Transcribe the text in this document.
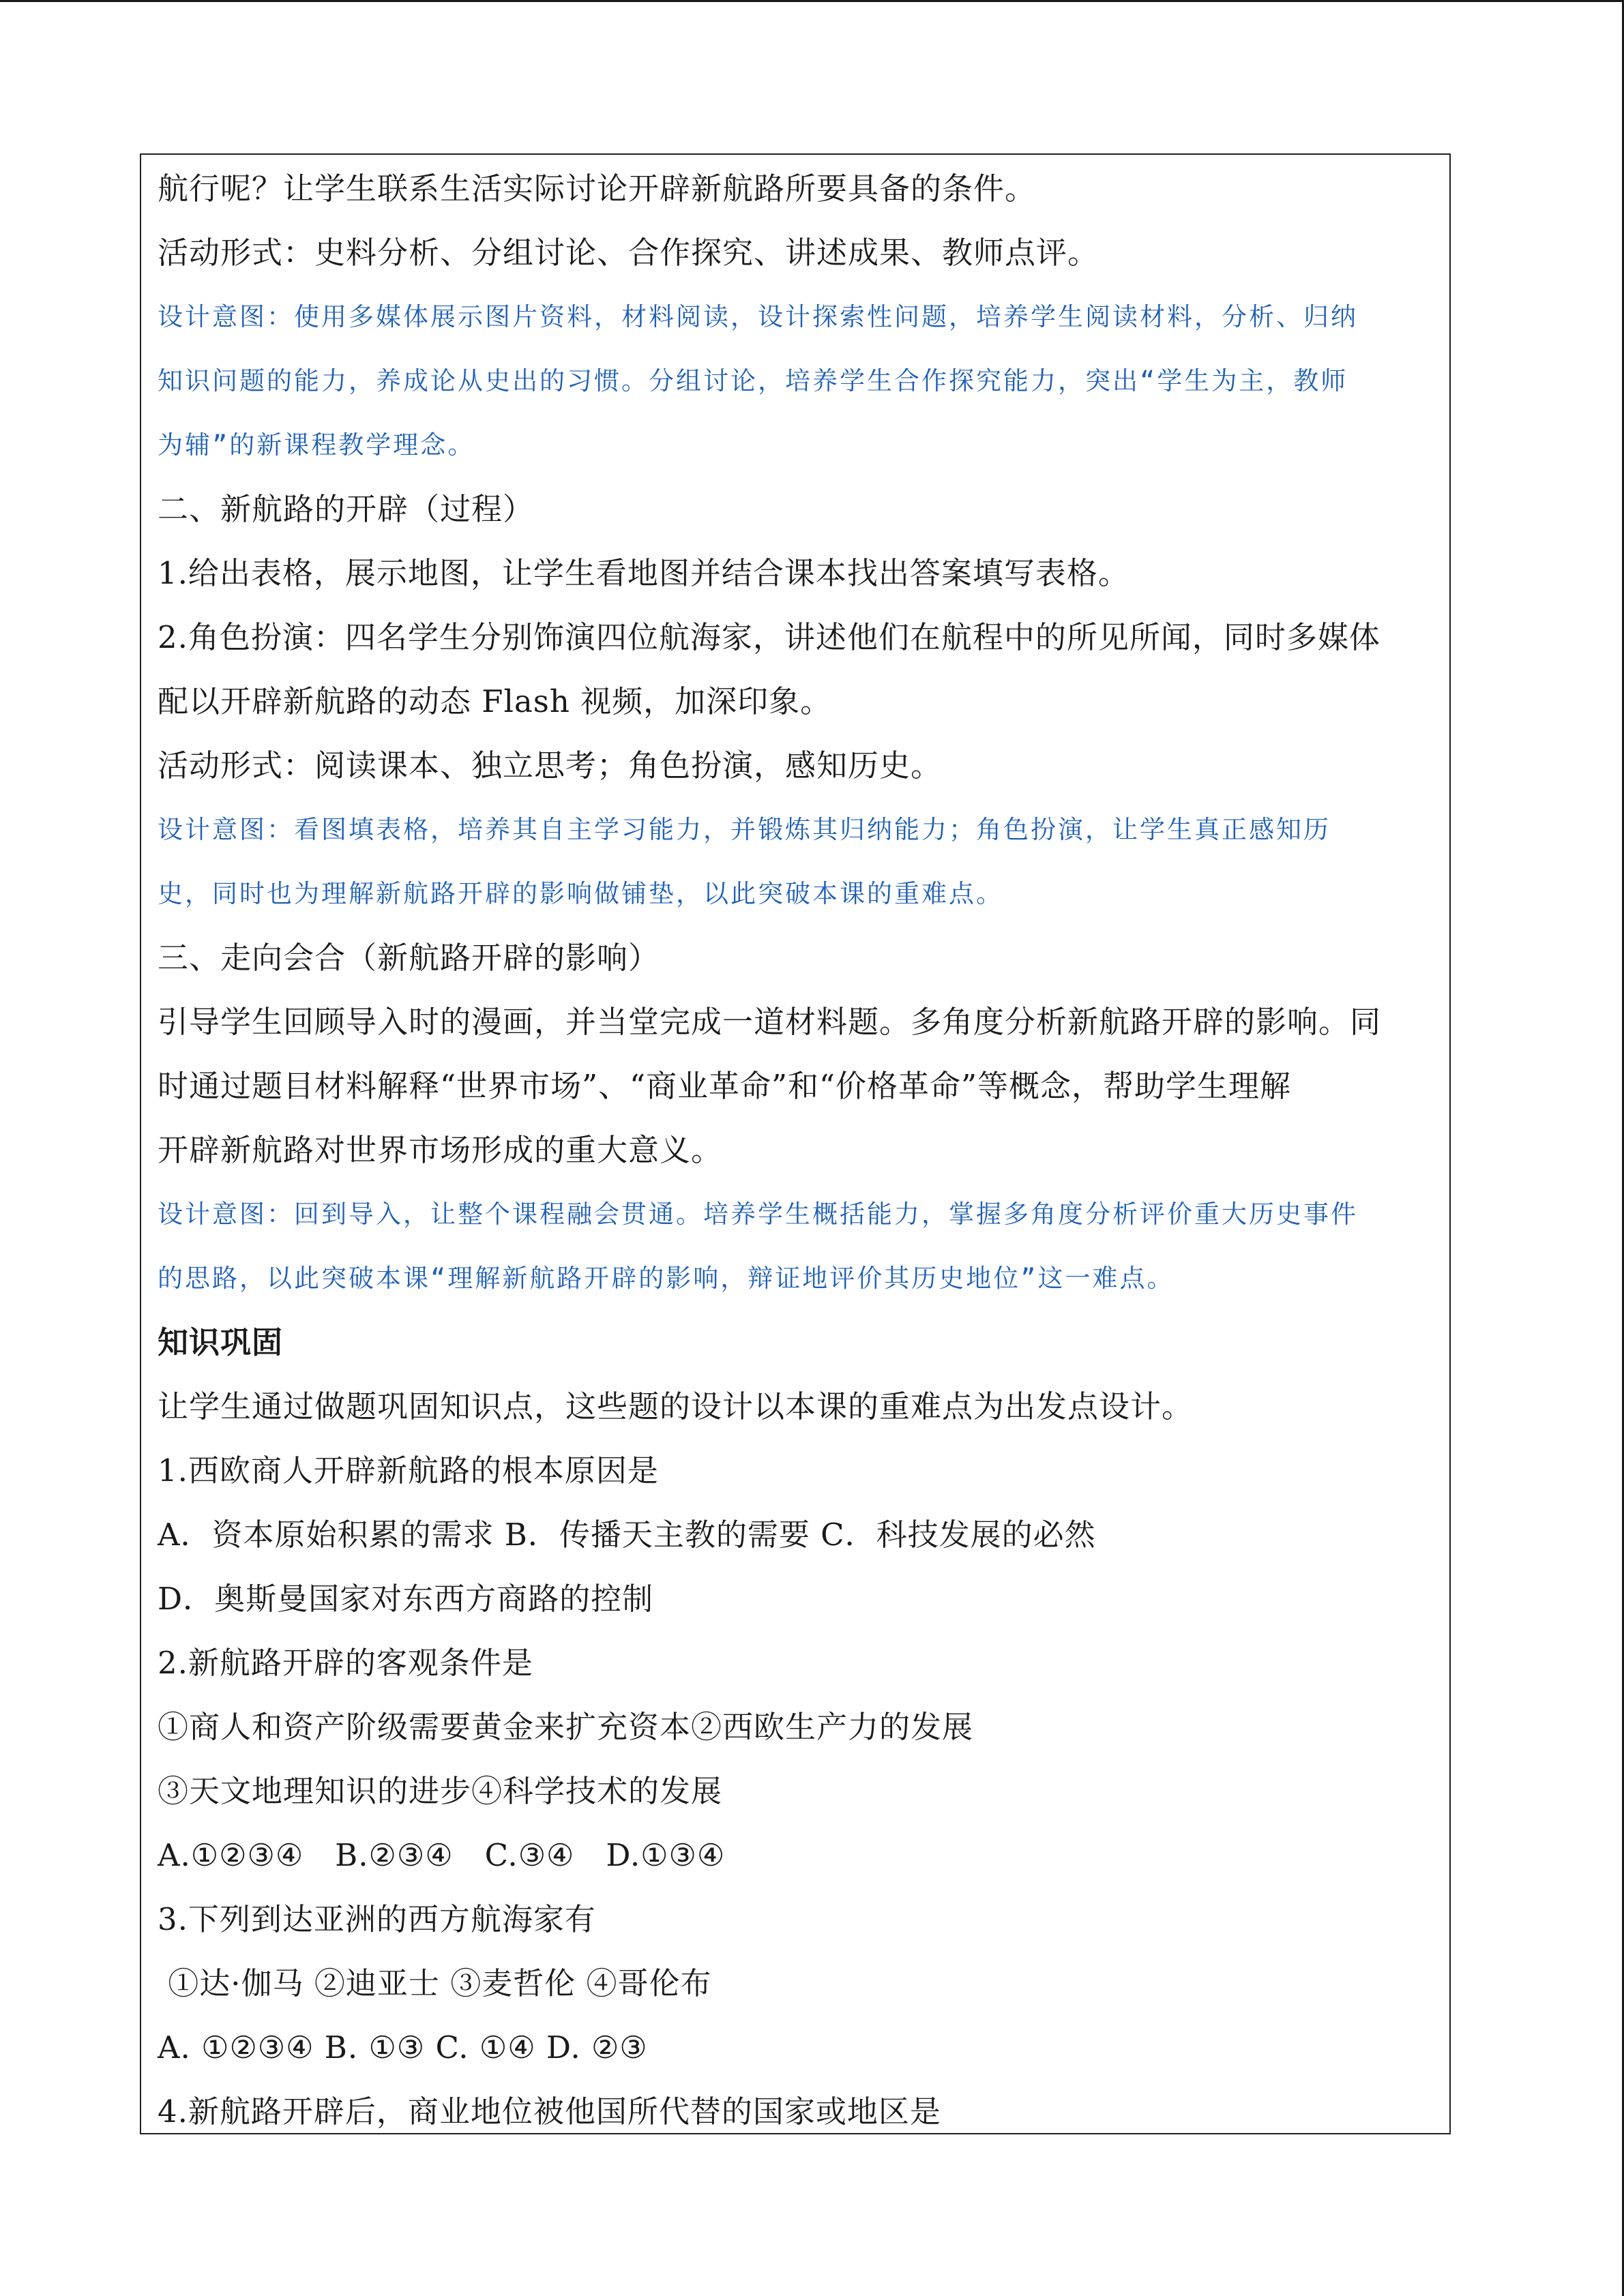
航行呢？让学生联系生活实际讨论开辟新航路所要具备的条件。
活动形式：史料分析、分组讨论、合作探究、讲述成果、教师点评。
设计意图：使用多媒体展示图片资料，材料阅读，设计探索性问题，培养学生阅读材料，分析、归纳
知识问题的能力，养成论从史出的习惯。分组讨论，培养学生合作探究能力，突出“学生为主，教师
为辅”的新课程教学理念。
二、新航路的开辟（过程）
1.给出表格，展示地图，让学生看地图并结合课本找出答案填写表格。
2.角色扮演：四名学生分别饰演四位航海家，讲述他们在航程中的所见所闻，同时多媒体
配以开辟新航路的动态 Flash 视频，加深印象。
活动形式：阅读课本、独立思考；角色扮演，感知历史。
设计意图：看图填表格，培养其自主学习能力，并锻炼其归纳能力；角色扮演，让学生真正感知历
史，同时也为理解新航路开辟的影响做铺垫，以此突破本课的重难点。
三、走向会合（新航路开辟的影响）
引导学生回顾导入时的漫画，并当堂完成一道材料题。多角度分析新航路开辟的影响。同
时通过题目材料解释“世界市场”、“商业革命”和“价格革命”等概念，帮助学生理解
开辟新航路对世界市场形成的重大意义。
设计意图：回到导入，让整个课程融会贯通。培养学生概括能力，掌握多角度分析评价重大历史事件
的思路，以此突破本课“理解新航路开辟的影响，辩证地评价其历史地位”这一难点。
知识巩固
让学生通过做题巩固知识点，这些题的设计以本课的重难点为出发点设计。
1.西欧商人开辟新航路的根本原因是
A．资本原始积累的需求 B．传播天主教的需要 C．科技发展的必然
D．奥斯曼国家对东西方商路的控制
2.新航路开辟的客观条件是
①商人和资产阶级需要黄金来扩充资本②西欧生产力的发展
③天文地理知识的进步④科学技术的发展
A.①②③④　B.②③④　C.③④　D.①③④
3.下列到达亚洲的西方航海家有
①达·伽马 ②迪亚士 ③麦哲伦 ④哥伦布
A. ①②③④ B. ①③ C. ①④ D. ②③
4.新航路开辟后，商业地位被他国所代替的国家或地区是
